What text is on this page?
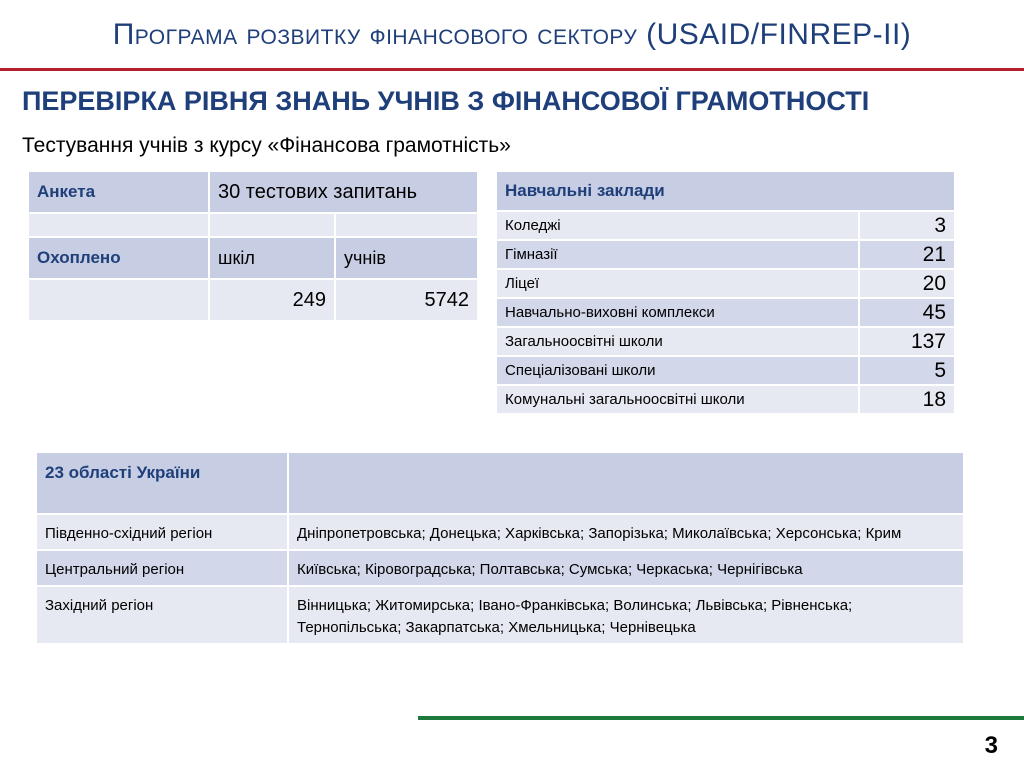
Програма розвитку фінансового сектору (USAID/FINREP-II)
ПЕРЕВІРКА РІВНЯ ЗНАНЬ УЧНІВ З ФІНАНСОВОЇ ГРАМОТНОСТІ
Тестування учнів з курсу «Фінансова грамотність»
Анкета	30 тестових запитань	

Охоплено	шкіл	учнів
	249	5742
Навчальні заклади	
Коледжі	3
Гімназії	21
Ліцеї	20
Навчально-виховні комплекси	45
Загальноосвітні школи	137
Спеціалізовані школи	5
Комунальні загальноосвітні школи	18
23 області України	
Південно-східний регіон	Дніпропетровська; Донецька; Харківська; Запорізька; Миколаївська; Херсонська; Крим
Центральний регіон	Київська; Кіровоградська; Полтавська; Сумська; Черкаська; Чернігівська
Західний регіон	Вінницька; Житомирська; Івано-Франківська; Волинська; Львівська; Рівненська; Тернопільська; Закарпатська; Хмельницька; Чернівецька
3
